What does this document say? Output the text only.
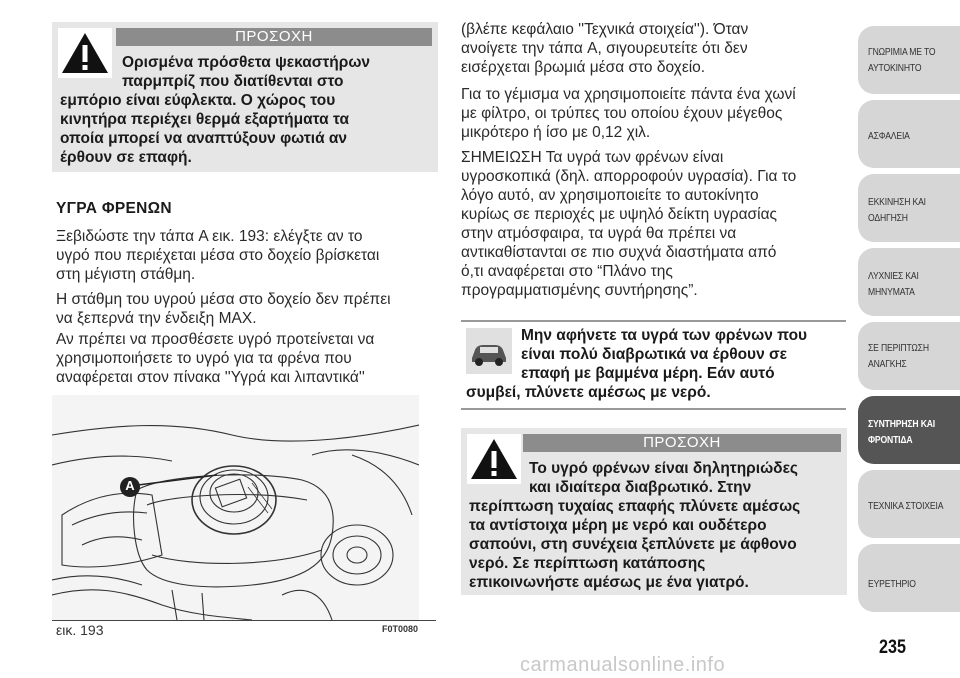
ΠΡΟΣΟΧΗ
Ορισμένα πρόσθετα ψεκαστήρων
παρμπρίζ που διατίθενται στο
εμπόριο είναι εύφλεκτα. Ο χώρος του
κινητήρα περιέχει θερμά εξαρτήματα τα
οποία μπορεί να αναπτύξουν φωτιά αν
έρθουν σε επαφή.
ΥΓΡΑ ΦΡΕΝΩΝ
Ξεβιδώστε την τάπα A εικ. 193: ελέγξτε αν το
υγρό που περιέχεται μέσα στο δοχείο βρίσκεται
στη μέγιστη στάθμη.
Η στάθμη του υγρού μέσα στο δοχείο δεν πρέπει
να ξεπερνά την ένδειξη MAX.
Αν πρέπει να προσθέσετε υγρό προτείνεται να
χρησιμοποιήσετε το υγρό για τα φρένα που
αναφέρεται στον πίνακα ''Υγρά και λιπαντικά''
A
εικ. 193	F0T0080
(βλέπε κεφάλαιο ''Τεχνικά στοιχεία''). Όταν
ανοίγετε την τάπα A, σιγουρευτείτε ότι δεν
εισέρχεται βρωμιά μέσα στο δοχείο.
Για το γέμισμα να χρησιμοποιείτε πάντα ένα χωνί
με φίλτρο, οι τρύπες του οποίου έχουν μέγεθος
μικρότερο ή ίσο με 0,12 χιλ.
ΣΗΜΕΙΩΣΗ Τα υγρά των φρένων είναι
υγροσκοπικά (δηλ. απορροφούν υγρασία). Για το
λόγο αυτό, αν χρησιμοποιείτε το αυτοκίνητο
κυρίως σε περιοχές με υψηλό δείκτη υγρασίας
στην ατμόσφαιρα, τα υγρά θα πρέπει να
αντικαθίστανται σε πιο συχνά διαστήματα από
ό,τι αναφέρεται στο “Πλάνο της
προγραμματισμένης συντήρησης”.
Μην αφήνετε τα υγρά των φρένων που
είναι πολύ διαβρωτικά να έρθουν σε
επαφή με βαμμένα μέρη. Εάν αυτό
συμβεί, πλύνετε αμέσως με νερό.
ΠΡΟΣΟΧΗ
Το υγρό φρένων είναι δηλητηριώδες
και ιδιαίτερα διαβρωτικό. Στην
περίπτωση τυχαίας επαφής πλύνετε αμέσως
τα αντίστοιχα μέρη με νερό και ουδέτερο
σαπούνι, στη συνέχεια ξεπλύνετε με άφθονο
νερό. Σε περίπτωση κατάποσης
επικοινωνήστε αμέσως με ένα γιατρό.
ΓΝΩΡΙΜΙΑ ΜΕ ΤΟ
ΑΥΤΟΚΙΝΗΤΟ
ΑΣΦΑΛΕΙΑ
ΕΚΚΙΝΗΣΗ ΚΑΙ
ΟΔΗΓΗΣΗ
ΛΥΧΝΙΕΣ ΚΑΙ
ΜΗΝΥΜΑΤΑ
ΣΕ ΠΕΡΙΠΤΩΣΗ
ΑΝΑΓΚΗΣ
ΣΥΝΤΗΡΗΣΗ ΚΑΙ
ΦΡΟΝΤΙΔΑ
ΤΕΧΝΙΚΑ ΣΤΟΙΧΕΙΑ
ΕΥΡΕΤΗΡΙΟ
235
carmanualsonline.info
